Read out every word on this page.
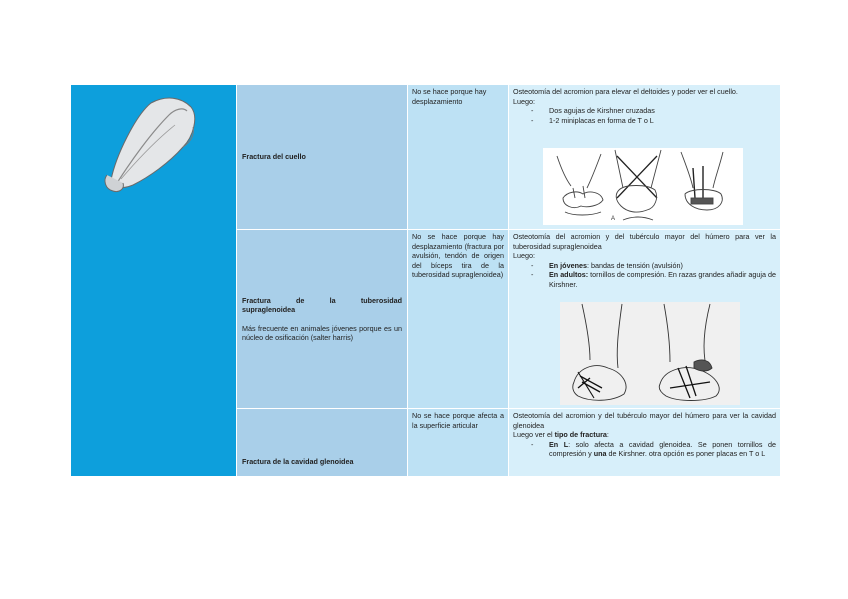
Fractura del cuello
No se hace porque hay desplazamiento
Osteotomía del acromion para elevar el deltoides y poder ver el cuello.
Luego:
- Dos agujas de Kirshner cruzadas
- 1-2 miniplacas en forma de T o L
A
Fractura de la tuberosidad
supraglenoidea
Más frecuente en animales jóvenes porque es un núcleo de osificación (salter harris)
No se hace porque hay desplazamiento (fractura por avulsión, tendón de origen del bíceps tira de la tuberosidad supraglenoidea)
Osteotomía del acromion y del tubérculo mayor del húmero para ver la tuberosidad supraglenoidea
Luego:
- En jóvenes: bandas de tensión (avulsión)
- En adultos: tornillos de compresión. En razas grandes añadir aguja de Kirshner.
Fractura de la cavidad glenoidea
No se hace porque afecta a la superficie articular
Osteotomía del acromion y del tubérculo mayor del húmero para ver la cavidad glenoidea
Luego ver el tipo de fractura:
- En L: solo afecta a cavidad glenoidea. Se ponen tornillos de compresión y una de Kirshner. otra opción es poner placas en T o L
